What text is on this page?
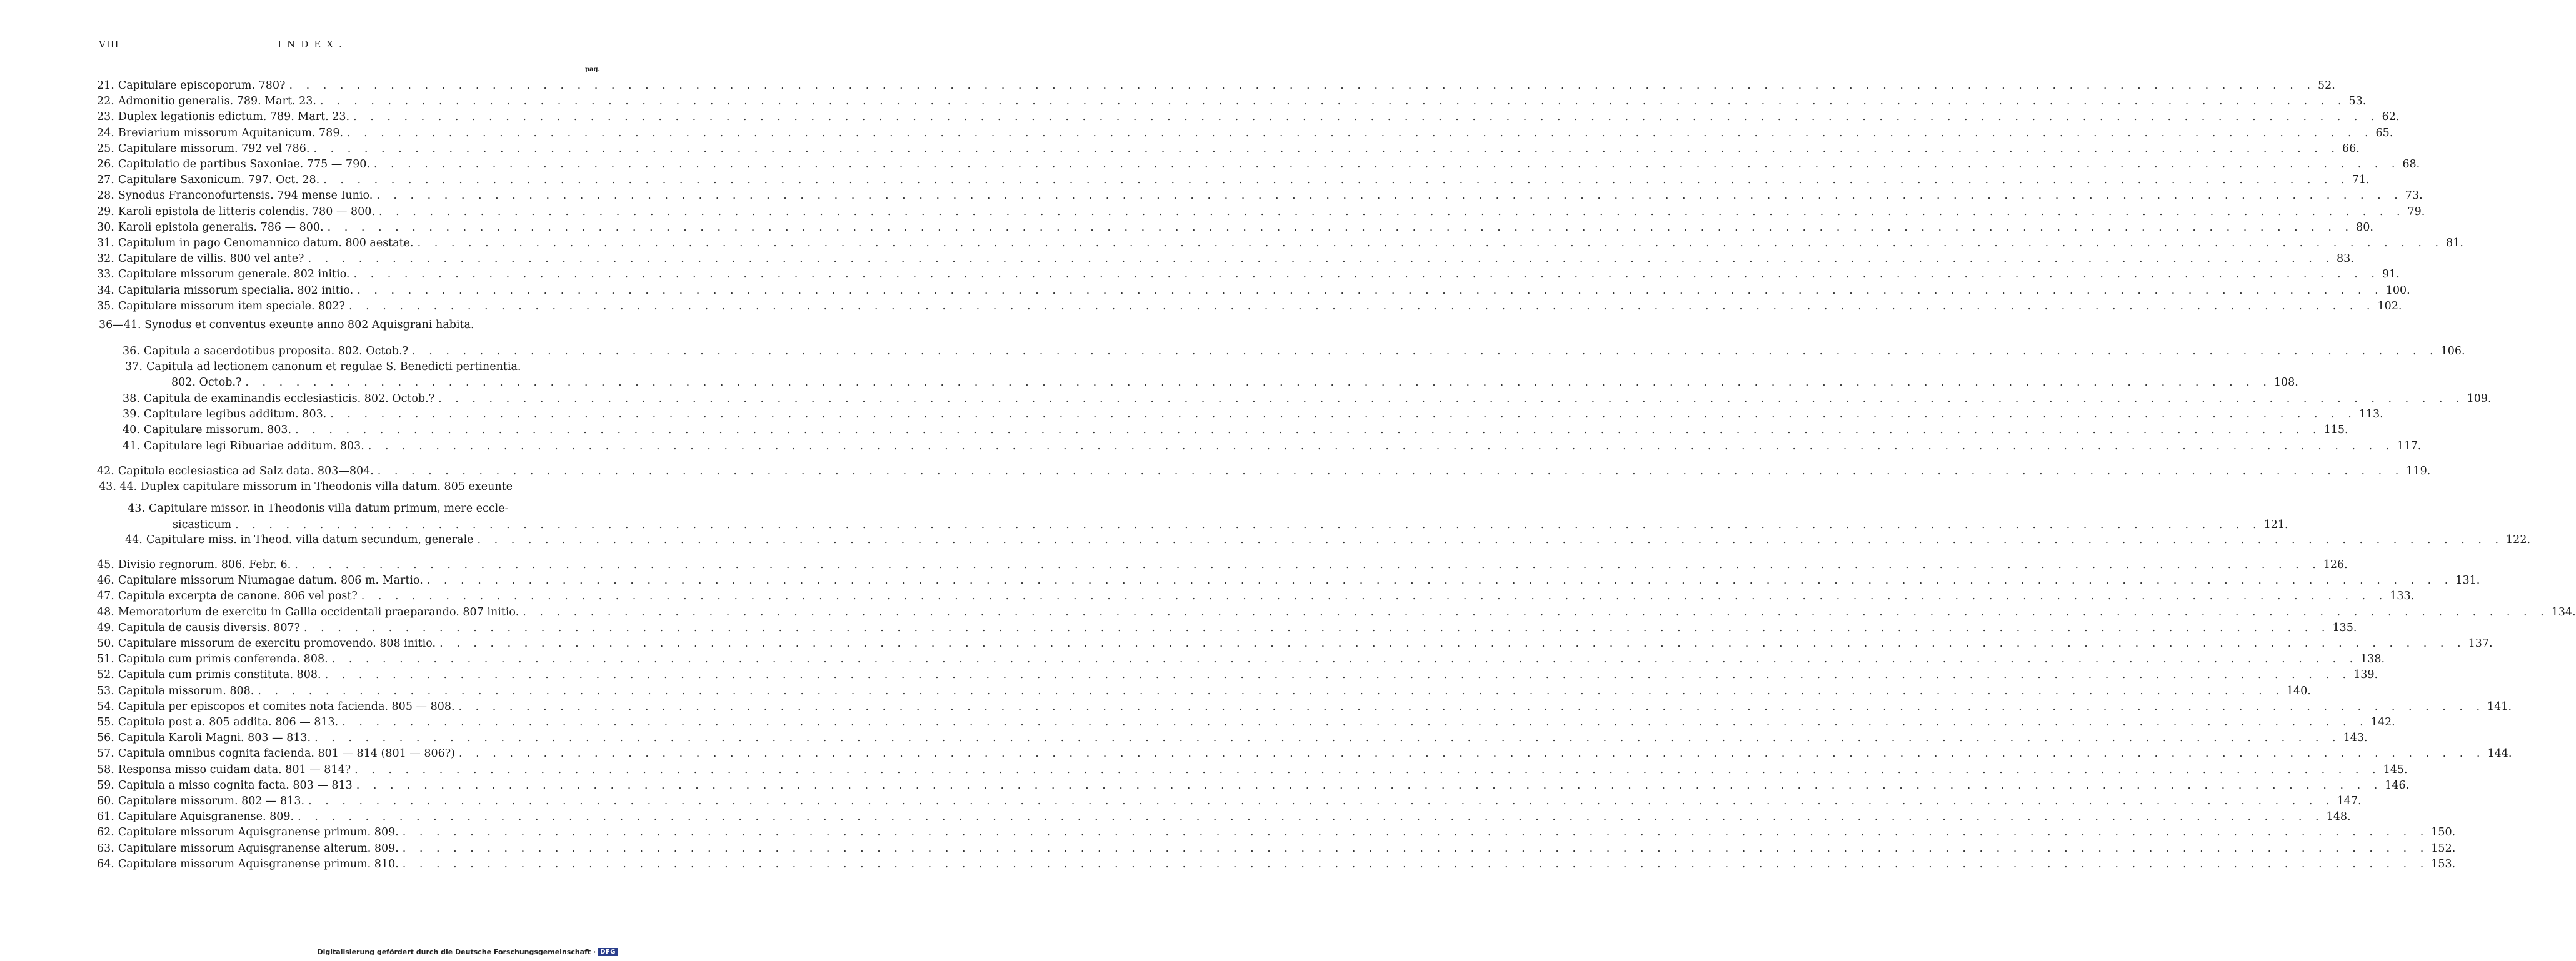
VIII	INDEX.
pag.
21. Capitulare episcoporum. 780? . . . . . . . . . . . . . . . . . . . . . . . . . . . . . . . . . . . . . . . . . . . . . . . . . . . . . . . . . . . . . . . . . . . . . . . . . . . . . . . . . . . . . . . . . . . . . . . . . . . . . . . . . . . . . . . . . . . . . . . . 52.
22. Admonitio generalis. 789. Mart. 23. . . . . . . . . . . . . . . . . . . . . . . . . . . . . . . . . . . . . . . . . . . . . . . . . . . . . . . . . . . . . . . . . . . . . . . . . . . . . . . . . . . . . . . . . . . . . . . . . . . . . . . . . . . . . . . . . . . . . . . . . 53.
23. Duplex legationis edictum. 789. Mart. 23. . . . . . . . . . . . . . . . . . . . . . . . . . . . . . . . . . . . . . . . . . . . . . . . . . . . . . . . . . . . . . . . . . . . . . . . . . . . . . . . . . . . . . . . . . . . . . . . . . . . . . . . . . . . . . . . . . . . . . . . . 62.
24. Breviarium missorum Aquitanicum. 789. . . . . . . . . . . . . . . . . . . . . . . . . . . . . . . . . . . . . . . . . . . . . . . . . . . . . . . . . . . . . . . . . . . . . . . . . . . . . . . . . . . . . . . . . . . . . . . . . . . . . . . . . . . . . . . . . . . . . . . . . 65.
25. Capitulare missorum. 792 vel 786. . . . . . . . . . . . . . . . . . . . . . . . . . . . . . . . . . . . . . . . . . . . . . . . . . . . . . . . . . . . . . . . . . . . . . . . . . . . . . . . . . . . . . . . . . . . . . . . . . . . . . . . . . . . . . . . . . . . . . . . . 66.
26. Capitulatio de partibus Saxoniae. 775 — 790. . . . . . . . . . . . . . . . . . . . . . . . . . . . . . . . . . . . . . . . . . . . . . . . . . . . . . . . . . . . . . . . . . . . . . . . . . . . . . . . . . . . . . . . . . . . . . . . . . . . . . . . . . . . . . . . . . . . . . . . . 68.
27. Capitulare Saxonicum. 797. Oct. 28. . . . . . . . . . . . . . . . . . . . . . . . . . . . . . . . . . . . . . . . . . . . . . . . . . . . . . . . . . . . . . . . . . . . . . . . . . . . . . . . . . . . . . . . . . . . . . . . . . . . . . . . . . . . . . . . . . . . . . . . . 71.
28. Synodus Franconofurtensis. 794 mense Iunio. . . . . . . . . . . . . . . . . . . . . . . . . . . . . . . . . . . . . . . . . . . . . . . . . . . . . . . . . . . . . . . . . . . . . . . . . . . . . . . . . . . . . . . . . . . . . . . . . . . . . . . . . . . . . . . . . . . . . . . . . 73.
29. Karoli epistola de litteris colendis. 780 — 800. . . . . . . . . . . . . . . . . . . . . . . . . . . . . . . . . . . . . . . . . . . . . . . . . . . . . . . . . . . . . . . . . . . . . . . . . . . . . . . . . . . . . . . . . . . . . . . . . . . . . . . . . . . . . . . . . . . . . . . . . 79.
30. Karoli epistola generalis. 786 — 800. . . . . . . . . . . . . . . . . . . . . . . . . . . . . . . . . . . . . . . . . . . . . . . . . . . . . . . . . . . . . . . . . . . . . . . . . . . . . . . . . . . . . . . . . . . . . . . . . . . . . . . . . . . . . . . . . . . . . . . . . 80.
31. Capitulum in pago Cenomannico datum. 800 aestate. . . . . . . . . . . . . . . . . . . . . . . . . . . . . . . . . . . . . . . . . . . . . . . . . . . . . . . . . . . . . . . . . . . . . . . . . . . . . . . . . . . . . . . . . . . . . . . . . . . . . . . . . . . . . . . . . . . . . . . . . 81.
32. Capitulare de villis. 800 vel ante? . . . . . . . . . . . . . . . . . . . . . . . . . . . . . . . . . . . . . . . . . . . . . . . . . . . . . . . . . . . . . . . . . . . . . . . . . . . . . . . . . . . . . . . . . . . . . . . . . . . . . . . . . . . . . . . . . . . . . . . . 83.
33. Capitulare missorum generale. 802 initio. . . . . . . . . . . . . . . . . . . . . . . . . . . . . . . . . . . . . . . . . . . . . . . . . . . . . . . . . . . . . . . . . . . . . . . . . . . . . . . . . . . . . . . . . . . . . . . . . . . . . . . . . . . . . . . . . . . . . . . . . 91.
34. Capitularia missorum specialia. 802 initio. . . . . . . . . . . . . . . . . . . . . . . . . . . . . . . . . . . . . . . . . . . . . . . . . . . . . . . . . . . . . . . . . . . . . . . . . . . . . . . . . . . . . . . . . . . . . . . . . . . . . . . . . . . . . . . . . . . . . . . . . 100.
35. Capitulare missorum item speciale. 802? . . . . . . . . . . . . . . . . . . . . . . . . . . . . . . . . . . . . . . . . . . . . . . . . . . . . . . . . . . . . . . . . . . . . . . . . . . . . . . . . . . . . . . . . . . . . . . . . . . . . . . . . . . . . . . . . . . . . . . . . 102.
36—41. Synodus et conventus exeunte anno 802 Aquisgrani habita.
36. Capitula a sacerdotibus proposita. 802. Octob.? . . . . . . . . . . . . . . . . . . . . . . . . . . . . . . . . . . . . . . . . . . . . . . . . . . . . . . . . . . . . . . . . . . . . . . . . . . . . . . . . . . . . . . . . . . . . . . . . . . . . . . . . . . . . . . . . . . . . . . . . 106.
37. Capitula ad lectionem canonum et regulae S. Benedicti pertinentia.
802. Octob.? . . . . . . . . . . . . . . . . . . . . . . . . . . . . . . . . . . . . . . . . . . . . . . . . . . . . . . . . . . . . . . . . . . . . . . . . . . . . . . . . . . . . . . . . . . . . . . . . . . . . . . . . . . . . . . . . . . . . . . . . 108.
38. Capitula de examinandis ecclesiasticis. 802. Octob.? . . . . . . . . . . . . . . . . . . . . . . . . . . . . . . . . . . . . . . . . . . . . . . . . . . . . . . . . . . . . . . . . . . . . . . . . . . . . . . . . . . . . . . . . . . . . . . . . . . . . . . . . . . . . . . . . . . . . . . . . 109.
39. Capitulare legibus additum. 803. . . . . . . . . . . . . . . . . . . . . . . . . . . . . . . . . . . . . . . . . . . . . . . . . . . . . . . . . . . . . . . . . . . . . . . . . . . . . . . . . . . . . . . . . . . . . . . . . . . . . . . . . . . . . . . . . . . . . . . . . 113.
40. Capitulare missorum. 803. . . . . . . . . . . . . . . . . . . . . . . . . . . . . . . . . . . . . . . . . . . . . . . . . . . . . . . . . . . . . . . . . . . . . . . . . . . . . . . . . . . . . . . . . . . . . . . . . . . . . . . . . . . . . . . . . . . . . . . . . 115.
41. Capitulare legi Ribuariae additum. 803. . . . . . . . . . . . . . . . . . . . . . . . . . . . . . . . . . . . . . . . . . . . . . . . . . . . . . . . . . . . . . . . . . . . . . . . . . . . . . . . . . . . . . . . . . . . . . . . . . . . . . . . . . . . . . . . . . . . . . . . . 117.
42. Capitula ecclesiastica ad Salz data. 803—804. . . . . . . . . . . . . . . . . . . . . . . . . . . . . . . . . . . . . . . . . . . . . . . . . . . . . . . . . . . . . . . . . . . . . . . . . . . . . . . . . . . . . . . . . . . . . . . . . . . . . . . . . . . . . . . . . . . . . . . . . 119.
43. 44. Duplex capitulare missorum in Theodonis villa datum. 805 exeunte
43. Capitulare missor. in Theodonis villa datum primum, mere eccle-
sicasticum . . . . . . . . . . . . . . . . . . . . . . . . . . . . . . . . . . . . . . . . . . . . . . . . . . . . . . . . . . . . . . . . . . . . . . . . . . . . . . . . . . . . . . . . . . . . . . . . . . . . . . . . . . . . . . . . . . . . . . . . 121.
44. Capitulare miss. in Theod. villa datum secundum, generale . . . . . . . . . . . . . . . . . . . . . . . . . . . . . . . . . . . . . . . . . . . . . . . . . . . . . . . . . . . . . . . . . . . . . . . . . . . . . . . . . . . . . . . . . . . . . . . . . . . . . . . . . . . . . . . . . . . . . . . . 122.
45. Divisio regnorum. 806. Febr. 6. . . . . . . . . . . . . . . . . . . . . . . . . . . . . . . . . . . . . . . . . . . . . . . . . . . . . . . . . . . . . . . . . . . . . . . . . . . . . . . . . . . . . . . . . . . . . . . . . . . . . . . . . . . . . . . . . . . . . . . . . 126.
46. Capitulare missorum Niumagae datum. 806 m. Martio. . . . . . . . . . . . . . . . . . . . . . . . . . . . . . . . . . . . . . . . . . . . . . . . . . . . . . . . . . . . . . . . . . . . . . . . . . . . . . . . . . . . . . . . . . . . . . . . . . . . . . . . . . . . . . . . . . . . . . . . . 131.
47. Capitula excerpta de canone. 806 vel post? . . . . . . . . . . . . . . . . . . . . . . . . . . . . . . . . . . . . . . . . . . . . . . . . . . . . . . . . . . . . . . . . . . . . . . . . . . . . . . . . . . . . . . . . . . . . . . . . . . . . . . . . . . . . . . . . . . . . . . . . 133.
48. Memoratorium de exercitu in Gallia occidentali praeparando. 807 initio. . . . . . . . . . . . . . . . . . . . . . . . . . . . . . . . . . . . . . . . . . . . . . . . . . . . . . . . . . . . . . . . . . . . . . . . . . . . . . . . . . . . . . . . . . . . . . . . . . . . . . . . . . . . . . . . . . . . . . . . . 134.
49. Capitula de causis diversis. 807? . . . . . . . . . . . . . . . . . . . . . . . . . . . . . . . . . . . . . . . . . . . . . . . . . . . . . . . . . . . . . . . . . . . . . . . . . . . . . . . . . . . . . . . . . . . . . . . . . . . . . . . . . . . . . . . . . . . . . . . . 135.
50. Capitulare missorum de exercitu promovendo. 808 initio. . . . . . . . . . . . . . . . . . . . . . . . . . . . . . . . . . . . . . . . . . . . . . . . . . . . . . . . . . . . . . . . . . . . . . . . . . . . . . . . . . . . . . . . . . . . . . . . . . . . . . . . . . . . . . . . . . . . . . . . . 137.
51. Capitula cum primis conferenda. 808. . . . . . . . . . . . . . . . . . . . . . . . . . . . . . . . . . . . . . . . . . . . . . . . . . . . . . . . . . . . . . . . . . . . . . . . . . . . . . . . . . . . . . . . . . . . . . . . . . . . . . . . . . . . . . . . . . . . . . . . . 138.
52. Capitula cum primis constituta. 808. . . . . . . . . . . . . . . . . . . . . . . . . . . . . . . . . . . . . . . . . . . . . . . . . . . . . . . . . . . . . . . . . . . . . . . . . . . . . . . . . . . . . . . . . . . . . . . . . . . . . . . . . . . . . . . . . . . . . . . . . 139.
53. Capitula missorum. 808. . . . . . . . . . . . . . . . . . . . . . . . . . . . . . . . . . . . . . . . . . . . . . . . . . . . . . . . . . . . . . . . . . . . . . . . . . . . . . . . . . . . . . . . . . . . . . . . . . . . . . . . . . . . . . . . . . . . . . . . . 140.
54. Capitula per episcopos et comites nota facienda. 805 — 808. . . . . . . . . . . . . . . . . . . . . . . . . . . . . . . . . . . . . . . . . . . . . . . . . . . . . . . . . . . . . . . . . . . . . . . . . . . . . . . . . . . . . . . . . . . . . . . . . . . . . . . . . . . . . . . . . . . . . . . . . 141.
55. Capitula post a. 805 addita. 806 — 813. . . . . . . . . . . . . . . . . . . . . . . . . . . . . . . . . . . . . . . . . . . . . . . . . . . . . . . . . . . . . . . . . . . . . . . . . . . . . . . . . . . . . . . . . . . . . . . . . . . . . . . . . . . . . . . . . . . . . . . . . 142.
56. Capitula Karoli Magni. 803 — 813. . . . . . . . . . . . . . . . . . . . . . . . . . . . . . . . . . . . . . . . . . . . . . . . . . . . . . . . . . . . . . . . . . . . . . . . . . . . . . . . . . . . . . . . . . . . . . . . . . . . . . . . . . . . . . . . . . . . . . . . . 143.
57. Capitula omnibus cognita facienda. 801 — 814 (801 — 806?) . . . . . . . . . . . . . . . . . . . . . . . . . . . . . . . . . . . . . . . . . . . . . . . . . . . . . . . . . . . . . . . . . . . . . . . . . . . . . . . . . . . . . . . . . . . . . . . . . . . . . . . . . . . . . . . . . . . . . . . . 144.
58. Responsa misso cuidam data. 801 — 814? . . . . . . . . . . . . . . . . . . . . . . . . . . . . . . . . . . . . . . . . . . . . . . . . . . . . . . . . . . . . . . . . . . . . . . . . . . . . . . . . . . . . . . . . . . . . . . . . . . . . . . . . . . . . . . . . . . . . . . . . 145.
59. Capitula a misso cognita facta. 803 — 813 . . . . . . . . . . . . . . . . . . . . . . . . . . . . . . . . . . . . . . . . . . . . . . . . . . . . . . . . . . . . . . . . . . . . . . . . . . . . . . . . . . . . . . . . . . . . . . . . . . . . . . . . . . . . . . . . . . . . . . . . 146.
60. Capitulare missorum. 802 — 813. . . . . . . . . . . . . . . . . . . . . . . . . . . . . . . . . . . . . . . . . . . . . . . . . . . . . . . . . . . . . . . . . . . . . . . . . . . . . . . . . . . . . . . . . . . . . . . . . . . . . . . . . . . . . . . . . . . . . . . . . 147.
61. Capitulare Aquisgranense. 809. . . . . . . . . . . . . . . . . . . . . . . . . . . . . . . . . . . . . . . . . . . . . . . . . . . . . . . . . . . . . . . . . . . . . . . . . . . . . . . . . . . . . . . . . . . . . . . . . . . . . . . . . . . . . . . . . . . . . . . . . 148.
62. Capitulare missorum Aquisgranense primum. 809. . . . . . . . . . . . . . . . . . . . . . . . . . . . . . . . . . . . . . . . . . . . . . . . . . . . . . . . . . . . . . . . . . . . . . . . . . . . . . . . . . . . . . . . . . . . . . . . . . . . . . . . . . . . . . . . . . . . . . . . . 150.
63. Capitulare missorum Aquisgranense alterum. 809. . . . . . . . . . . . . . . . . . . . . . . . . . . . . . . . . . . . . . . . . . . . . . . . . . . . . . . . . . . . . . . . . . . . . . . . . . . . . . . . . . . . . . . . . . . . . . . . . . . . . . . . . . . . . . . . . . . . . . . . . 152.
64. Capitulare missorum Aquisgranense primum. 810. . . . . . . . . . . . . . . . . . . . . . . . . . . . . . . . . . . . . . . . . . . . . . . . . . . . . . . . . . . . . . . . . . . . . . . . . . . . . . . . . . . . . . . . . . . . . . . . . . . . . . . . . . . . . . . . . . . . . . . . . 153.
Digitalisierung gefördert durch die Deutsche Forschungsgemeinschaft · DFG
